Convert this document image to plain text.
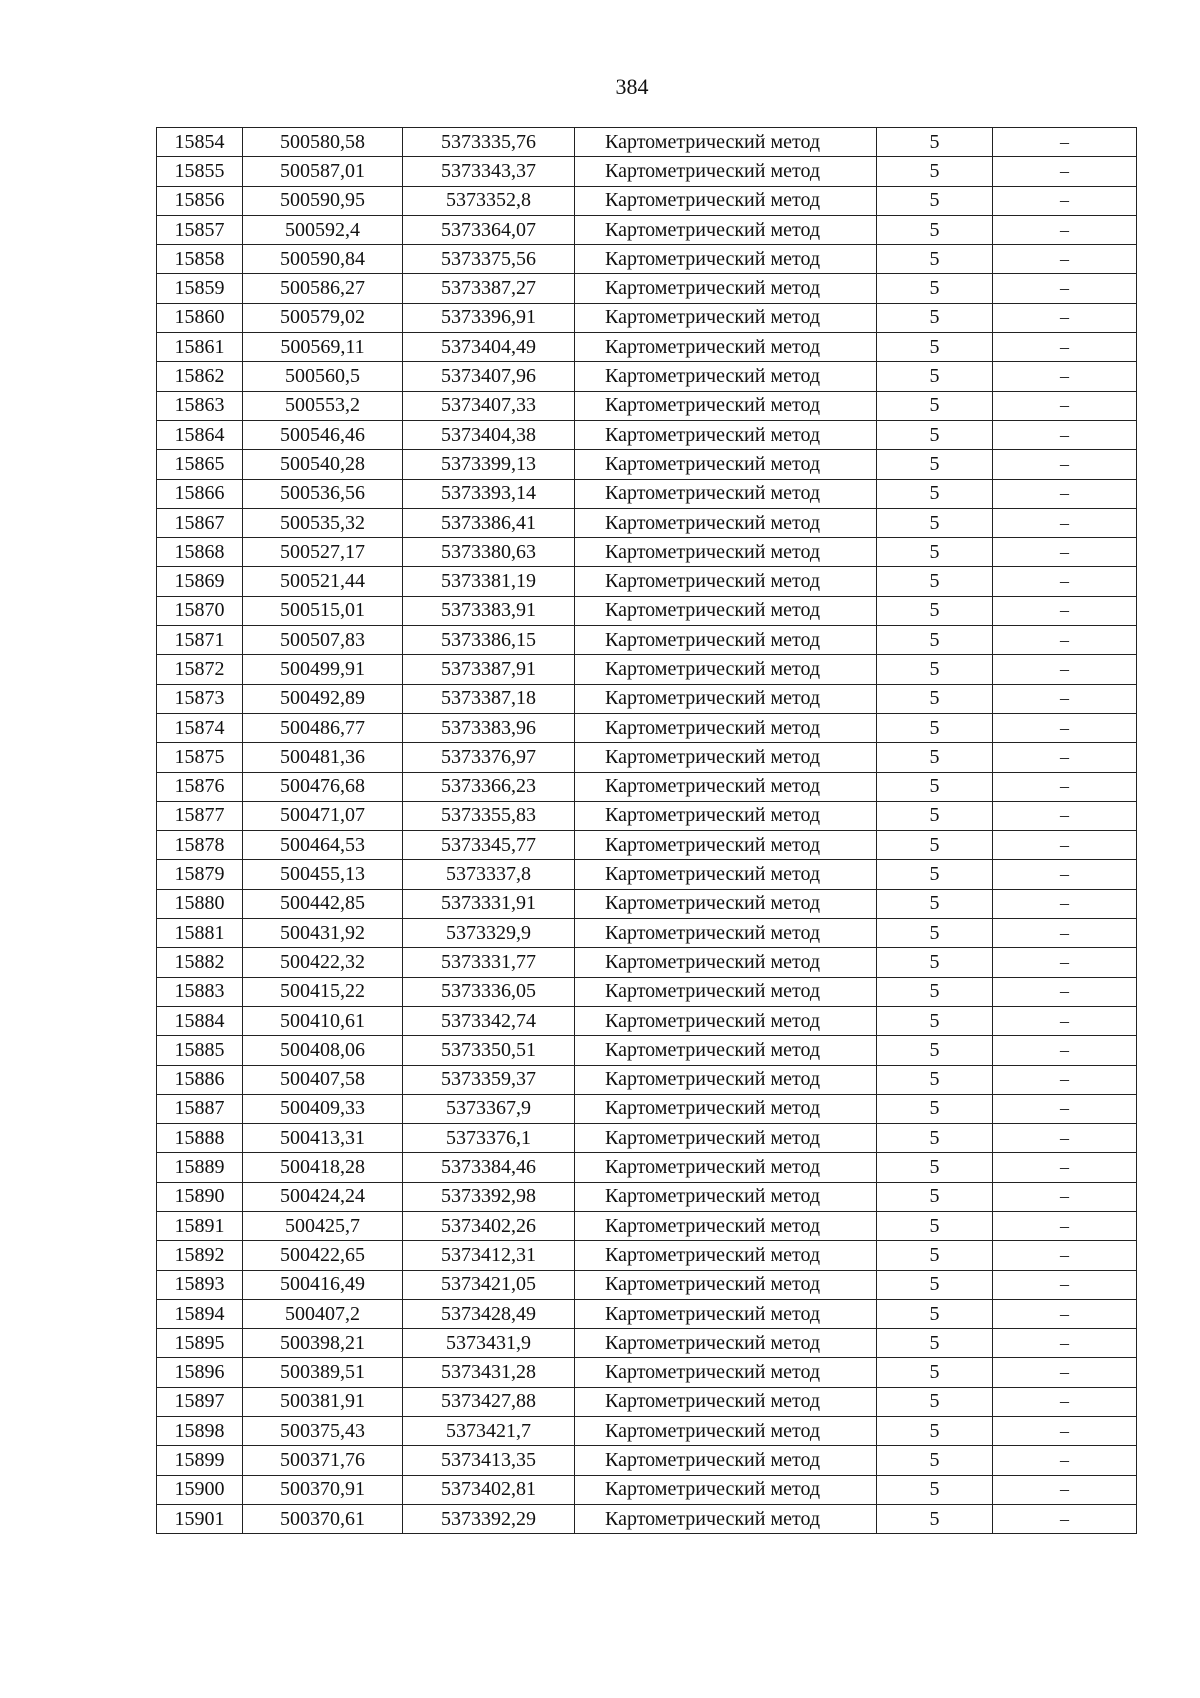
384
15854	500580,58	5373335,76	Картометрический метод	5	–
15855	500587,01	5373343,37	Картометрический метод	5	–
15856	500590,95	5373352,8	Картометрический метод	5	–
15857	500592,4	5373364,07	Картометрический метод	5	–
15858	500590,84	5373375,56	Картометрический метод	5	–
15859	500586,27	5373387,27	Картометрический метод	5	–
15860	500579,02	5373396,91	Картометрический метод	5	–
15861	500569,11	5373404,49	Картометрический метод	5	–
15862	500560,5	5373407,96	Картометрический метод	5	–
15863	500553,2	5373407,33	Картометрический метод	5	–
15864	500546,46	5373404,38	Картометрический метод	5	–
15865	500540,28	5373399,13	Картометрический метод	5	–
15866	500536,56	5373393,14	Картометрический метод	5	–
15867	500535,32	5373386,41	Картометрический метод	5	–
15868	500527,17	5373380,63	Картометрический метод	5	–
15869	500521,44	5373381,19	Картометрический метод	5	–
15870	500515,01	5373383,91	Картометрический метод	5	–
15871	500507,83	5373386,15	Картометрический метод	5	–
15872	500499,91	5373387,91	Картометрический метод	5	–
15873	500492,89	5373387,18	Картометрический метод	5	–
15874	500486,77	5373383,96	Картометрический метод	5	–
15875	500481,36	5373376,97	Картометрический метод	5	–
15876	500476,68	5373366,23	Картометрический метод	5	–
15877	500471,07	5373355,83	Картометрический метод	5	–
15878	500464,53	5373345,77	Картометрический метод	5	–
15879	500455,13	5373337,8	Картометрический метод	5	–
15880	500442,85	5373331,91	Картометрический метод	5	–
15881	500431,92	5373329,9	Картометрический метод	5	–
15882	500422,32	5373331,77	Картометрический метод	5	–
15883	500415,22	5373336,05	Картометрический метод	5	–
15884	500410,61	5373342,74	Картометрический метод	5	–
15885	500408,06	5373350,51	Картометрический метод	5	–
15886	500407,58	5373359,37	Картометрический метод	5	–
15887	500409,33	5373367,9	Картометрический метод	5	–
15888	500413,31	5373376,1	Картометрический метод	5	–
15889	500418,28	5373384,46	Картометрический метод	5	–
15890	500424,24	5373392,98	Картометрический метод	5	–
15891	500425,7	5373402,26	Картометрический метод	5	–
15892	500422,65	5373412,31	Картометрический метод	5	–
15893	500416,49	5373421,05	Картометрический метод	5	–
15894	500407,2	5373428,49	Картометрический метод	5	–
15895	500398,21	5373431,9	Картометрический метод	5	–
15896	500389,51	5373431,28	Картометрический метод	5	–
15897	500381,91	5373427,88	Картометрический метод	5	–
15898	500375,43	5373421,7	Картометрический метод	5	–
15899	500371,76	5373413,35	Картометрический метод	5	–
15900	500370,91	5373402,81	Картометрический метод	5	–
15901	500370,61	5373392,29	Картометрический метод	5	–
